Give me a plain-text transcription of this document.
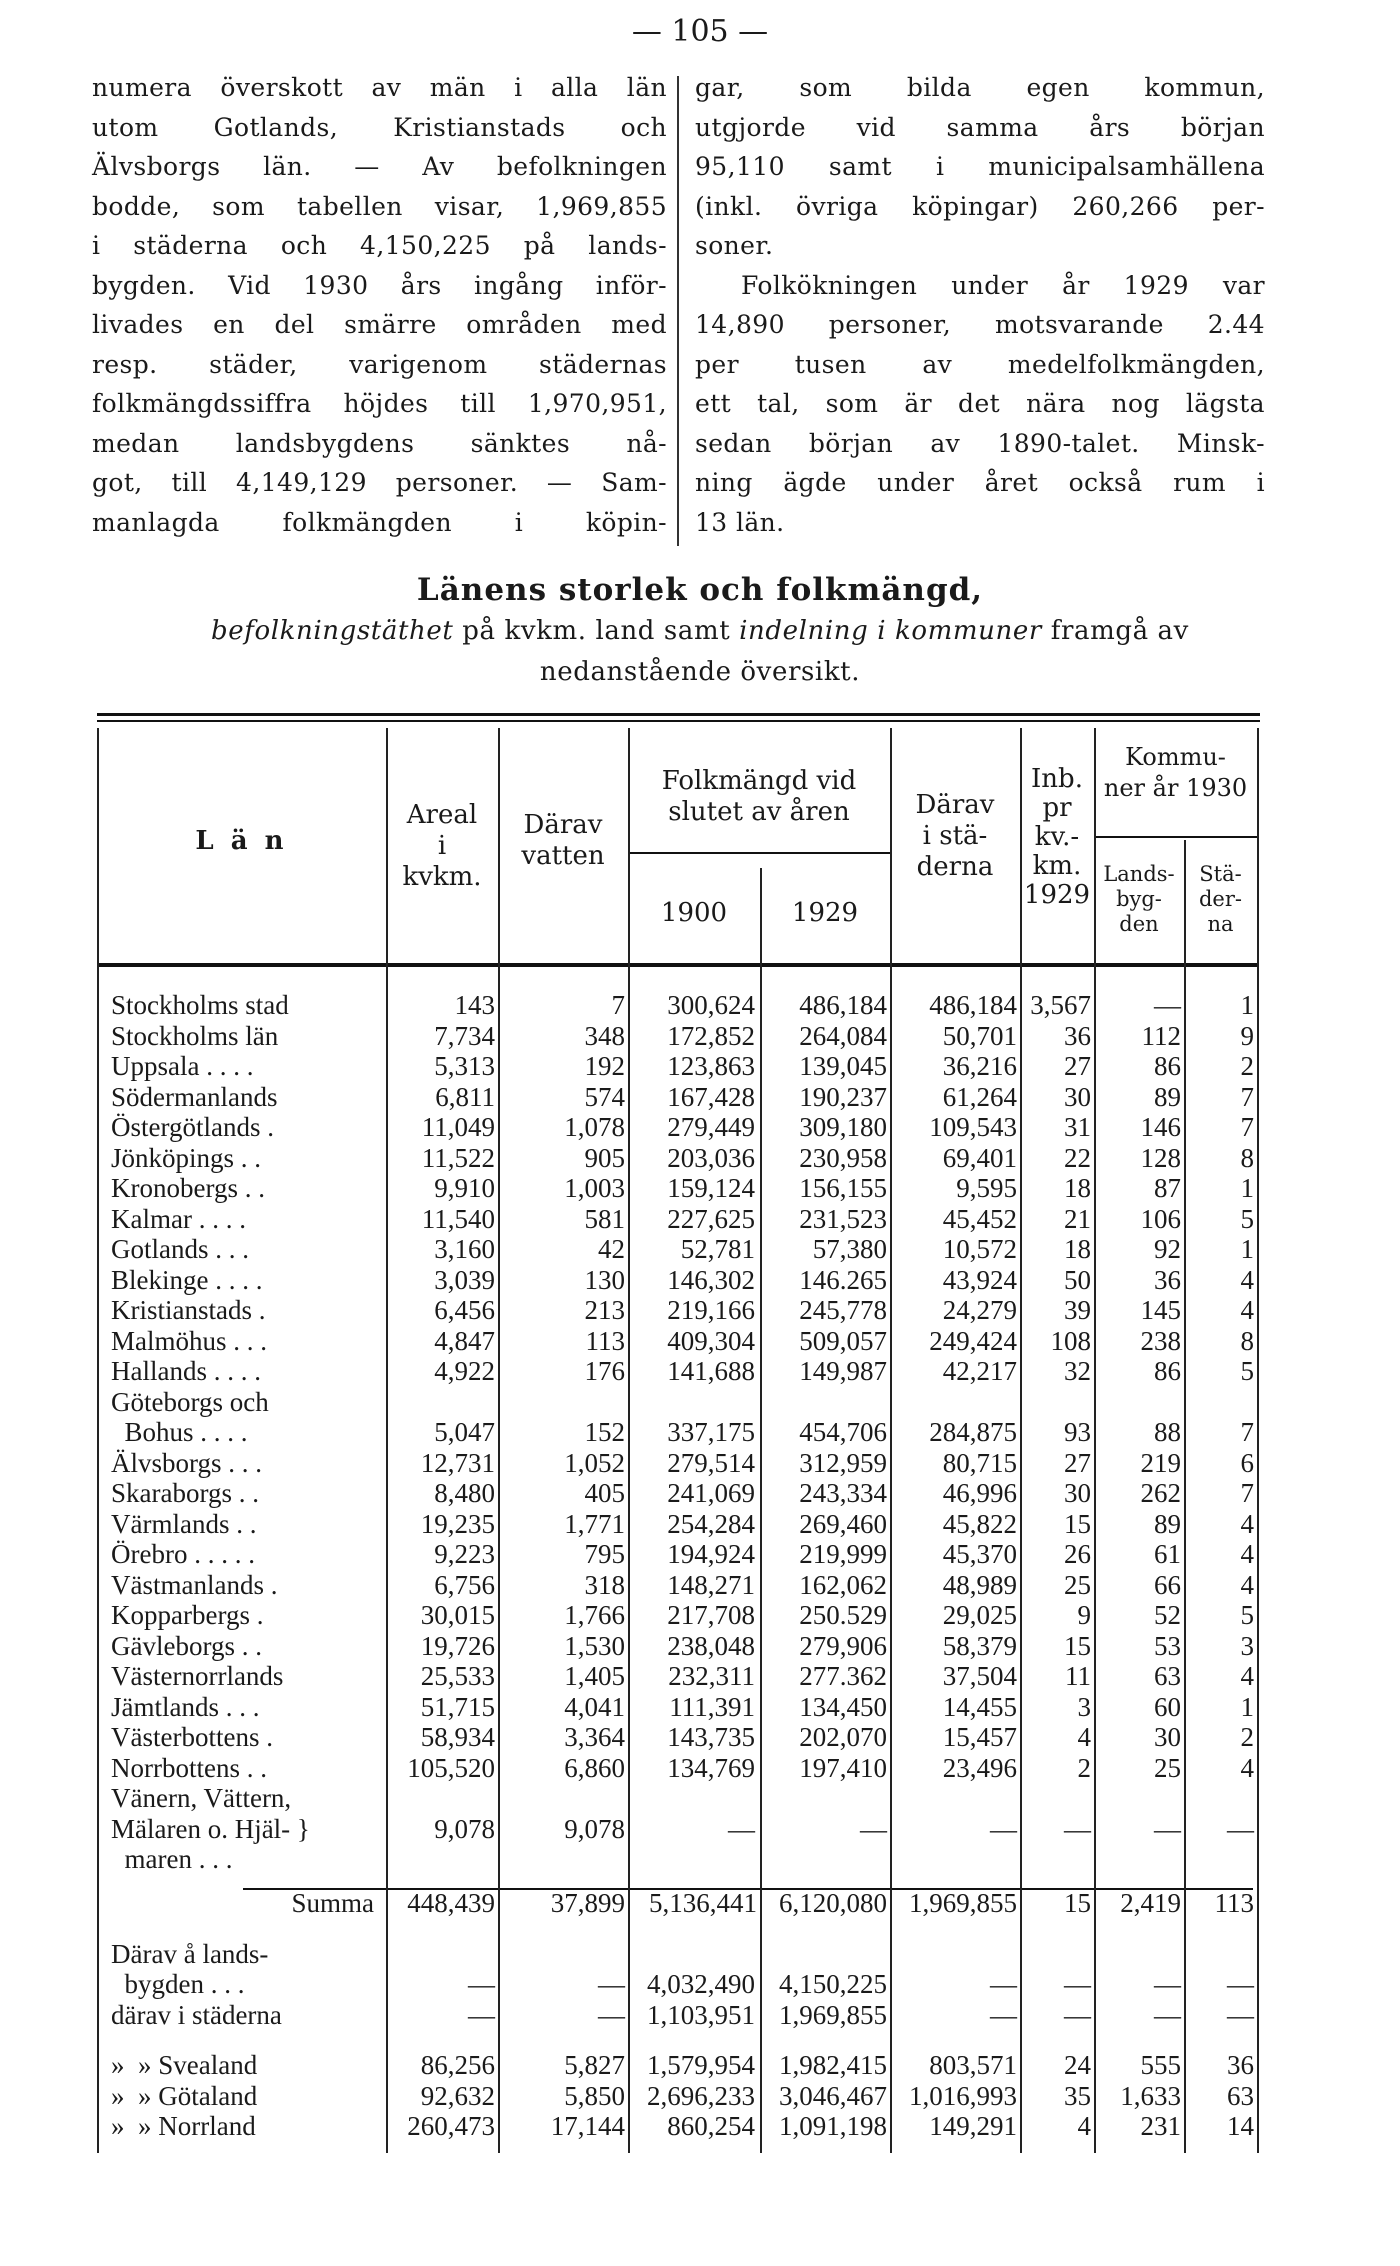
— 105 —
numera överskott av män i alla län
utom Gotlands, Kristianstads och
Älvsborgs län. — Av befolkningen
bodde, som tabellen visar, 1,969,855
i städerna och 4,150,225 på lands-
bygden. Vid 1930 års ingång inför-
livades en del smärre områden med
resp. städer, varigenom städernas
folkmängdssiffra höjdes till 1,970,951,
medan landsbygdens sänktes nå-
got, till 4,149,129 personer. — Sam-
manlagda folkmängden i köpin-
gar, som bilda egen kommun,
utgjorde vid samma års början
95,110 samt i municipalsamhällena
(inkl. övriga köpingar) 260,266 per-
soner.
Folkökningen under år 1929 var
14,890 personer, motsvarande 2.44
per tusen av medelfolkmängden,
ett tal, som är det nära nog lägsta
sedan början av 1890-talet. Minsk-
ning ägde under året också rum i
13 län.
Länens storlek och folkmängd,
befolkningstäthet på kvkm. land samt indelning i kommuner framgå av
nedanstående översikt.
L ä n
Areal
i
kvkm.
Därav
vatten
Folkmängd vid
slutet av åren
1900	1929
Därav
i stä-
derna
Inb.
pr
kv.-
km.
1929
Kommu-
ner år 1930
Lands-
byg-
den
Stä-
der-
na
Stockholms stad	143	7	300,624	486,184	486,184	3,567	—	1

Stockholms län	7,734	348	172,852	264,084	50,701	36	112	9

Uppsala . . . .	5,313	192	123,863	139,045	36,216	27	86	2

Södermanlands	6,811	574	167,428	190,237	61,264	30	89	7

Östergötlands .	11,049	1,078	279,449	309,180	109,543	31	146	7

Jönköpings . .	11,522	905	203,036	230,958	69,401	22	128	8

Kronobergs . .	9,910	1,003	159,124	156,155	9,595	18	87	1

Kalmar . . . .	11,540	581	227,625	231,523	45,452	21	106	5

Gotlands . . .	3,160	42	52,781	57,380	10,572	18	92	1

Blekinge . . . .	3,039	130	146,302	146.265	43,924	50	36	4

Kristianstads .	6,456	213	219,166	245,778	24,279	39	145	4

Malmöhus . . .	4,847	113	409,304	509,057	249,424	108	238	8

Hallands . . . .	4,922	176	141,688	149,987	42,217	32	86	5

Göteborgs och
Bohus . . . .	5,047	152	337,175	454,706	284,875	93	88	7

Älvsborgs . . .	12,731	1,052	279,514	312,959	80,715	27	219	6

Skaraborgs . .	8,480	405	241,069	243,334	46,996	30	262	7

Värmlands . .	19,235	1,771	254,284	269,460	45,822	15	89	4

Örebro . . . . .	9,223	795	194,924	219,999	45,370	26	61	4

Västmanlands .	6,756	318	148,271	162,062	48,989	25	66	4

Kopparbergs .	30,015	1,766	217,708	250.529	29,025	9	52	5

Gävleborgs . .	19,726	1,530	238,048	279,906	58,379	15	53	3

Västernorrlands	25,533	1,405	232,311	277.362	37,504	11	63	4

Jämtlands . . .	51,715	4,041	111,391	134,450	14,455	3	60	1

Västerbottens .	58,934	3,364	143,735	202,070	15,457	4	30	2

Norrbottens . .	105,520	6,860	134,769	197,410	23,496	2	25	4

Vänern, Vättern,
Mälaren o. Hjäl- }
maren . . .	9,078	9,078	—	—	—	—	—	—

Summa	448,439	37,899	5,136,441	6,120,080	1,969,855	15	2,419	113

Därav å lands-
bygden . . .	—	—	4,032,490	4,150,225	—	—	—	—

därav i städerna	—	—	1,103,951	1,969,855	—	—	—	—

»  » Svealand	86,256	5,827	1,579,954	1,982,415	803,571	24	555	36

»  » Götaland	92,632	5,850	2,696,233	3,046,467	1,016,993	35	1,633	63

»  » Norrland	260,473	17,144	860,254	1,091,198	149,291	4	231	14
